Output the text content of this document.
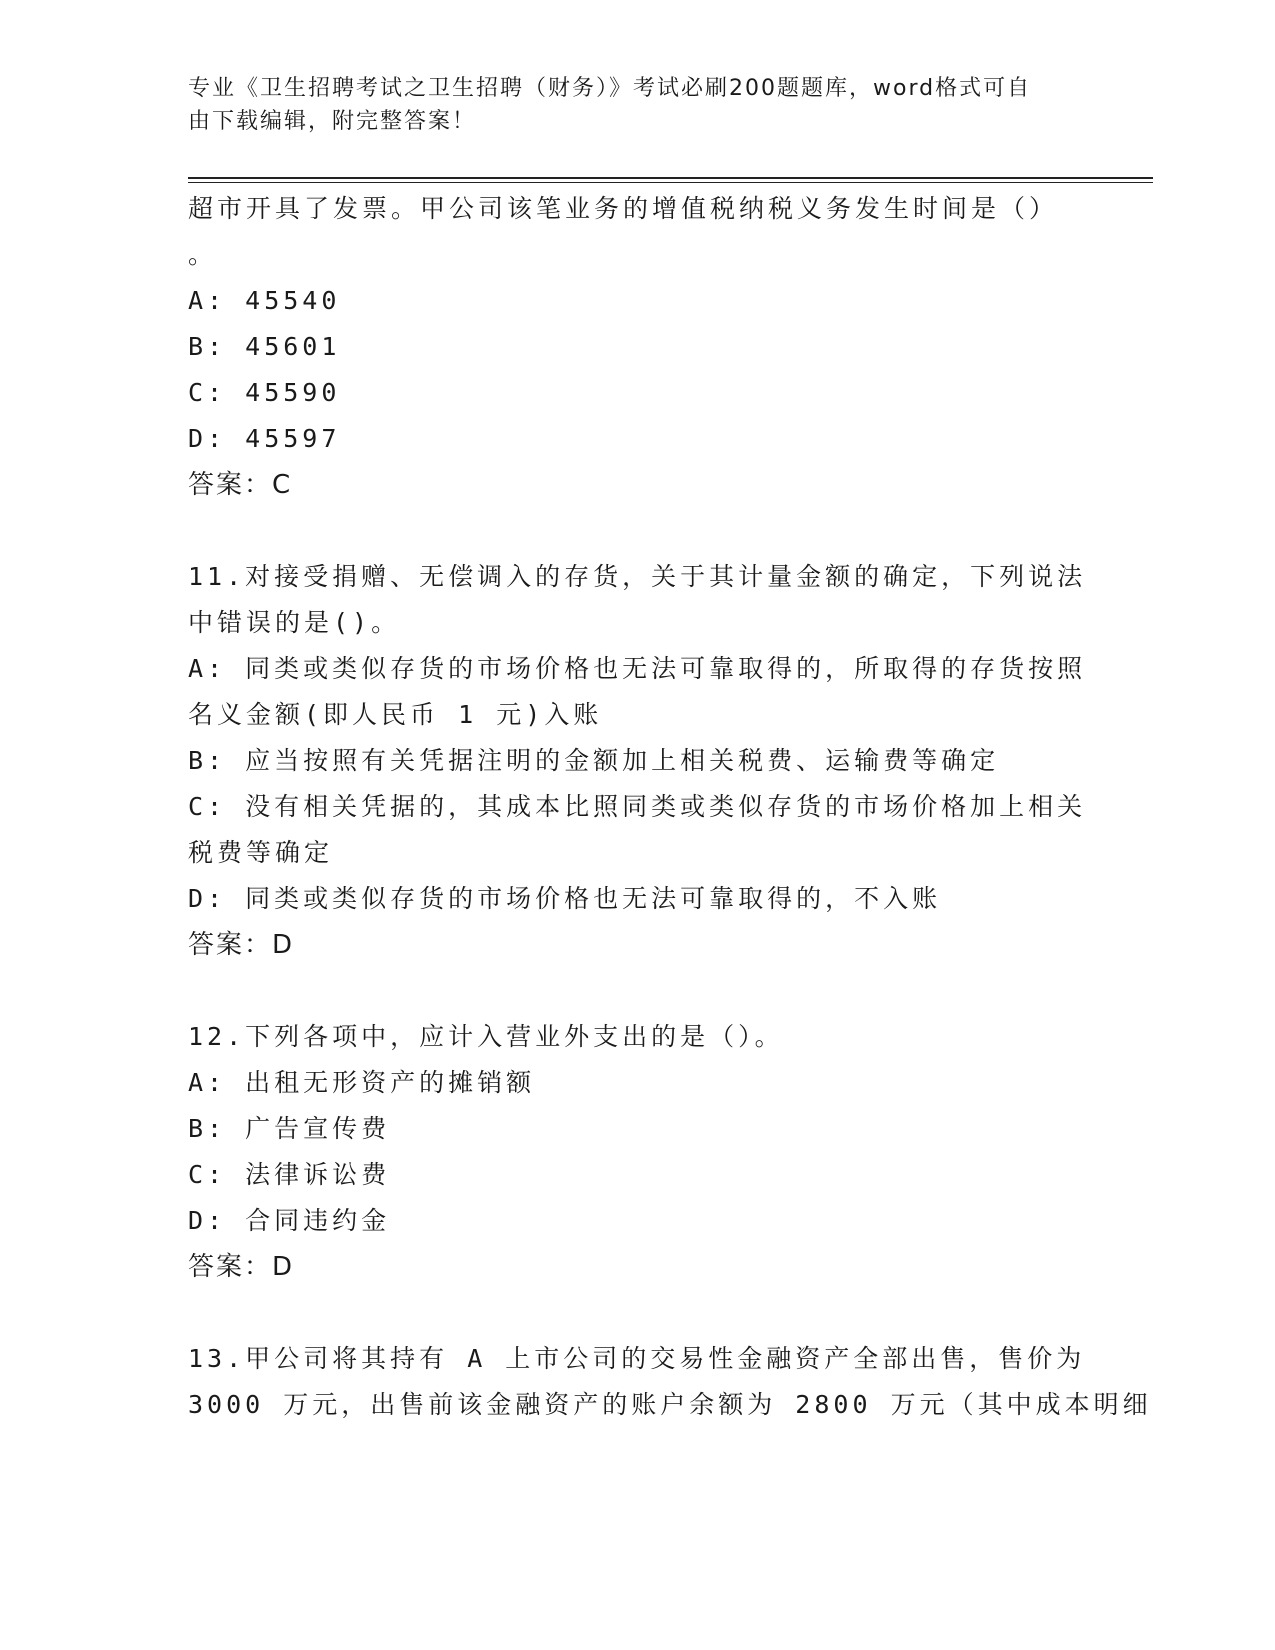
专业《卫生招聘考试之卫生招聘（财务）》考试必刷200题题库，word格式可自
由下载编辑，附完整答案！
超市开具了发票。甲公司该笔业务的增值税纳税义务发生时间是（）
。
A: 45540
B: 45601
C: 45590
D: 45597
答案：C
11.对接受捐赠、无偿调入的存货，关于其计量金额的确定，下列说法
中错误的是()。
A: 同类或类似存货的市场价格也无法可靠取得的，所取得的存货按照
名义金额(即人民币 1 元)入账
B: 应当按照有关凭据注明的金额加上相关税费、运输费等确定
C: 没有相关凭据的，其成本比照同类或类似存货的市场价格加上相关
税费等确定
D: 同类或类似存货的市场价格也无法可靠取得的，不入账
答案：D
12.下列各项中，应计入营业外支出的是（）。
A: 出租无形资产的摊销额
B: 广告宣传费
C: 法律诉讼费
D: 合同违约金
答案：D
13.甲公司将其持有 A 上市公司的交易性金融资产全部出售，售价为
3000 万元，出售前该金融资产的账户余额为 2800 万元（其中成本明细
